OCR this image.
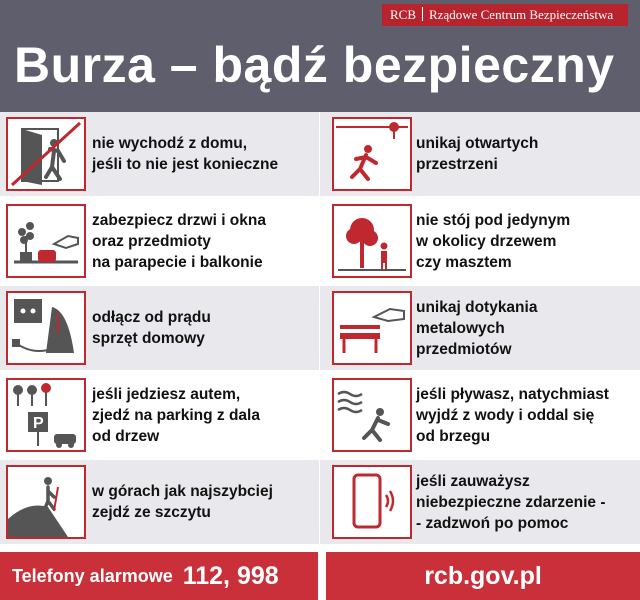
RCB Rządowe Centrum Bezpieczeństwa
Burza – bądź bezpieczny
nie wychodź z domu,
jeśli to nie jest konieczne
zabezpiecz drzwi i okna
oraz przedmioty
na parapecie i balkonie
odłącz od prądu
sprzęt domowy
P
jeśli jedziesz autem,
zjedź na parking z dala
od drzew
w górach jak najszybciej
zejdź ze szczytu
unikaj otwartych
przestrzeni
nie stój pod jedynym
w okolicy drzewem
czy masztem
unikaj dotykania
metalowych
przedmiotów
jeśli pływasz, natychmiast
wyjdź z wody i oddal się
od brzegu
jeśli zauważysz
niebezpieczne zdarzenie -
- zadzwoń po pomoc
Telefony alarmowe 112, 998	rcb.gov.pl
